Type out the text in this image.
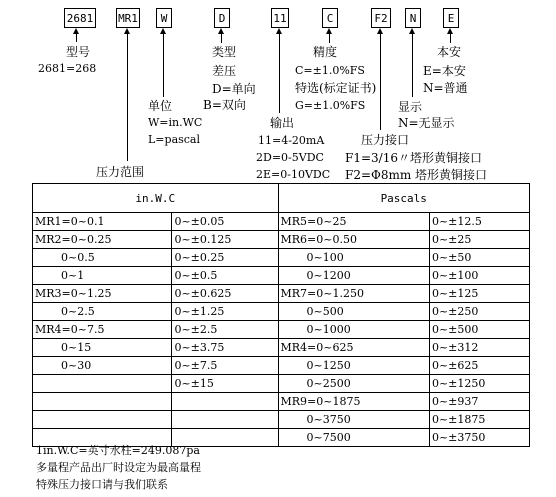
2681 MR1	W	D	11	C	F2	N	E
型号
2681=268
类型
差压
D=单向
B=双向
精度
C=±1.0%FS
特选(标定证书)
G=±1.0%FS
本安
E=本安
N=普通
显示
N=无显示
单位
W=in.WC
L=pascal
输出
11=4-20mA
2D=0-5VDC
2E=0-10VDC
压力接口
F1=3/16〃塔形黄铜接口
F2=Φ8mm 塔形黄铜接口
压力范围
in.W.C		Pascals	
MR1=0~0.1	0~±0.05	MR5=0~25	0~±12.5
MR2=0~0.25	0~±0.125	MR6=0~0.50	0~±25
0~0.5	0~±0.25	0~100	0~±50
0~1	0~±0.5	0~1200	0~±100
MR3=0~1.25	0~±0.625	MR7=0~1.250	0~±125
0~2.5	0~±1.25	0~500	0~±250
MR4=0~7.5	0~±2.5	0~1000	0~±500
0~15	0~±3.75	MR4=0~625	0~±312
0~30	0~±7.5	0~1250	0~±625
	0~±15	0~2500	0~±1250
		MR9=0~1875	0~±937
		0~3750	0~±1875
		0~7500	0~±3750
1in.W.C=英寸水柱=249.087pa
多量程产品出厂时设定为最高量程
特殊压力接口请与我们联系
